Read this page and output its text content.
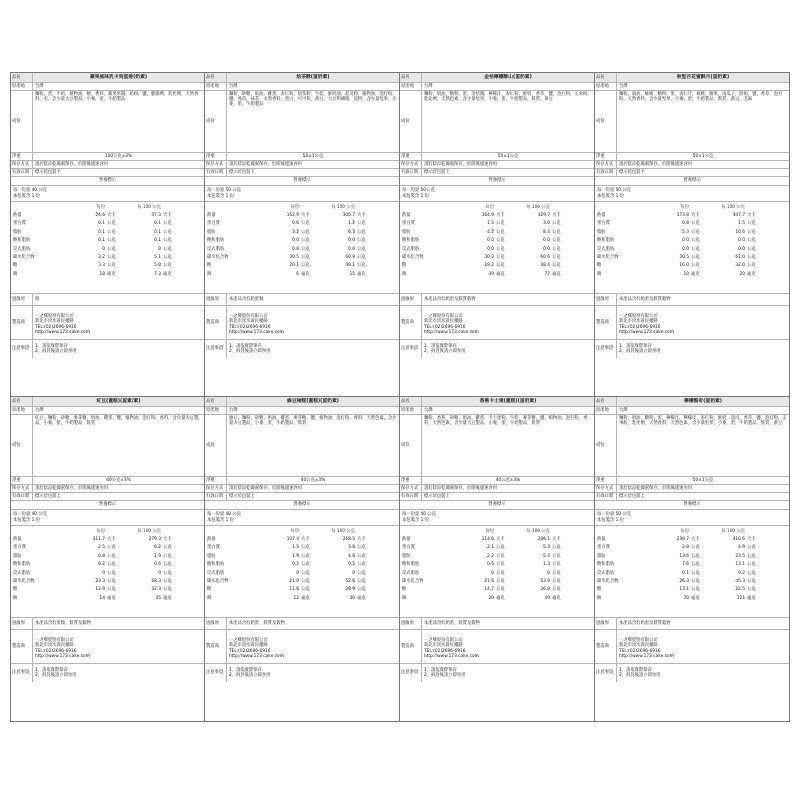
品名	蘋果風味乳卡狗蛋捲(奶素)
原產地	台灣
成份
麵粉，蛋，牛奶，植物油，糖，香料，蘋果果醬，奶粉，鹽，膨脹劑，乳化劑，天然香料，水，含少量大豆製品，小麥，蛋，牛奶製品
淨重	100公克±3%
保存方式	請於陰涼乾燥處保存，於開後儘速食用
有效日期	標示於包裝上
營養標示
每一份量 40 公克
本包裝含 1 份
每份	每 100 公克
熱量	24.6 大卡	37.3 大卡
蛋白質	0.1 公克	0.1 公克
脂肪	0.1 公克	0.1 公克
飽和脂肪	0.1 公克	0.1 公克
反式脂肪	0 公克	0 公克
碳水化合物	3.2 公克	5.1 公克
糖	3.3 公克	5.0 公克
鈉	18 毫克	7.3 毫克
過敏原	無
製造商
一之鄉股份有限公司
新北市淡水區民權路
TEL:(02)2696-6916
http://www.173.cake.com
注意事項
1、請依實際保存
2、拆封後請立即食用
品名	焙茶酥(蛋奶素)
原產地	台灣
成份
麵粉，砂糖，奶油，雞蛋，杏仁粉，焙茶粉，牛奶，鮮奶油，起司粉，植物油，泡打粉，鹽，香草，抹茶，天然香料，蛋白，可可粉，黃豆，大豆卵磷脂，淀粉，含少量堅果，小麥，蛋，牛奶製品
淨重	50±1公克
保存方式	請於陰涼乾燥處保存，於開後儘速食用
有效日期	標示於包裝上
營養標示
每一份量 50 公克
本包裝含 1 份
每份	每 100 公克
熱量	152.9 大卡	305.7 大卡
蛋白質	0.6 公克	1.2 公克
脂肪	3.2 公克	6.3 公克
飽和脂肪	0.0 公克	0.0 公克
反式脂肪	0.0 公克	0.0 公克
碳水化合物	30.5 公克	60.9 公克
糖	20.1 公克	40.1 公克
鈉	6 毫克	15 毫克
過敏原	本產品含有奶蛋類
製造商
一之鄉股份有限公司
新北市淡水區民權路
TEL:(02)2696-6916
http://www.173.cake.com
注意事項
1、請依實際保存
2、拆封後請立即食用
品名	金桔檸檬酥山(蛋奶素)
原產地	台灣
成份
麵粉，奶油，糖粉，蛋，金桔醬，檸檬汁，杏仁粉，鮮奶，香草，鹽，泡打粉，玉米粉，乳化劑，天然色素，含少量堅果，小麥，蛋，牛奶製品，麩質，黃豆
淨重	50±1公克
保存方式	請於陰涼乾燥處保存，於開後儘速食用
有效日期	標示於包裝上
營養標示
每一份量 50公克
本包裝含 1 份
每份	每 100 公克
熱量	164.9 大卡	329.7 大卡
蛋白質	1.5 公克	3.0 公克
脂肪	4.2 公克	8.4 公克
飽和脂肪	0.0 公克	0.0 公克
反式脂肪	0.0 公克	0.0 公克
碳水化合物	30.3 公克	60.6 公克
糖	19.2 公克	38.4 公克
鈉	39 毫克	77 毫克
過敏原	本產品含有奶蛋及麩質穀物
製造商
一之鄉股份有限公司
新北市淡水區民權路
TEL:(02)2696-6916
http://www.173.cake.com
注意事項
1、請依實際保存
2、拆封後請立即食用
品名	秋堅百花蜜酥月(蛋奶素)
原產地	台灣
成份
麵粉，奶油，蜂蜜，糖粉，蛋，杏仁片，核桃，腰果，南瓜子，鮮奶，鹽，香草，泡打粉，天然香料，含少量堅果，小麥，蛋，牛奶製品，麩質，黃豆，芝麻
淨重	50±1公克
保存方式	請於陰涼乾燥處保存，於開後儘速食用
有效日期	標示於包裝上
營養標示
每一份量 50 公克
本包裝含 1 份
每份	每 100 公克
熱量	173.8 大卡	347.7 大卡
蛋白質	0.8 公克	1.5 公克
脂肪	5.3 公克	10.6 公克
飽和脂肪	0.0 公克	0.0 公克
反式脂肪	0.0 公克	0.0 公克
碳水化合物	30.5 公克	61.0 公克
糖	16.0 公克	32.0 公克
鈉	10 毫克	20 毫克
過敏原	本產品含有奶蛋及麩質穀物
製造商
一之鄉股份有限公司
新北市淡水區民權路
TEL:(02)2696-6916
http://www.173.cake.com
注意事項
1、請依實際保存
2、拆封後請立即食用
品名	紅豆(蓋糕)(蛋素/素)
原產地	台灣
成份
紅豆，麵粉，砂糖，麥芽糖，奶油，雞蛋，鹽，植物油，泡打粉，香料，含少量大豆製品，小麥，蛋，牛奶製品，麩質
淨重	40公克±3%
保存方式	請於陰涼乾燥處保存，於開後儘速食用
有效日期	標示於包裝上
營養標示
每一份量 40 公克
本包裝含 1 份
每份	每 100 公克
熱量	111.7 大卡	279.3 大卡
蛋白質	2.5 公克	6.2 公克
脂肪	0.8 公克	1.9 公克
飽和脂肪	0.2 公克	0.6 公克
反式脂肪	0 公克	0 公克
碳水化合物	23.3 公克	58.3 公克
糖	12.9 公克	32.3 公克
鈉	14 毫克	35 毫克
過敏原	本產品含有蛋類，麩質及穀物
製造商
一之鄉股份有限公司
新北市淡水區民權路
TEL:(02)2696-6916
http://www.173.cake.com
注意事項
1、請依實際保存
2、拆封後請立即食用
品名	綠豆椪糕(蓋糕)(蛋奶素)
原產地	台灣
成份
綠豆，麵粉，砂糖，奶油，雞蛋，麥芽糖，鹽，植物油，泡打粉，香料，天然色素，含少量大豆製品，小麥，蛋，牛奶製品，麩質
淨重	40公克±3%
保存方式	請於陰涼乾燥處保存，於開後儘速食用
有效日期	標示於包裝上
營養標示
每一份量 40 公克
本包裝含 1 份
每份	每 100 公克
熱量	107.4 大卡	268.5 大卡
蛋白質	1.5 公克	3.8 公克
脂肪	1.9 公克	4.8 公克
飽和脂肪	0.2 公克	0.5 公克
反式脂肪	0 公克	0 公克
碳水化合物	21.0 公克	52.6 公克
糖	11.6 公克	28.9 公克
鈉	12 毫克	30 毫克
過敏原	本產品含有奶蛋，麩質及穀物
製造商
一之鄉股份有限公司
新北市淡水區民權路
TEL:(02)2696-6916
http://www.173.cake.com
注意事項
1、請依實際保存
2、拆封後請立即食用
品名	香蕉卡士達(蓋糕)(蛋奶素)
原產地	台灣
成份
麵粉，香蕉，砂糖，奶油，雞蛋，卡士達粉，牛奶，麥芽糖，鹽，植物油，泡打粉，香料，天然色素，含少量大豆製品，小麥，蛋，牛奶製品，麩質
淨重	40公克±3%
保存方式	請於陰涼乾燥處保存，於開後儘速食用
有效日期	標示於包裝上
營養標示
每一份量 40 公克
本包裝含 1 份
每份	每 100 公克
熱量	114.6 大卡	286.1 大卡
蛋白質	2.1 公克	5.3 公克
脂肪	2.2 公克	5.4 公克
飽和脂肪	0.5 公克	1.3 公克
反式脂肪	0 公克	0 公克
碳水化合物	21.6 公克	53.9 公克
糖	14.7 公克	36.8 公克
鈉	20 毫克	49 毫克
過敏原	本產品含有奶蛋，麩質及穀物
製造商
一之鄉股份有限公司
新北市淡水區民權路
TEL:(02)2696-6916
http://www.173.cake.com
注意事項
1、請依實際保存
2、拆封後請立即食用
品名	檸檬酪奇(蛋奶素)
原產地	台灣
成份
麵粉，奶油，糖粉，蛋，檸檬汁，檸檬皮，杏仁粉，鮮奶，起司，香草，鹽，泡打粉，玉米粉，乳化劑，天然香料，天然色素，含少量堅果，小麥，蛋，牛奶製品，麩質，黃豆
淨重	50±1公克
保存方式	請於陰涼乾燥處保存，於開後儘速食用
有效日期	標示於包裝上
營養標示
每一份量 50 公克
本包裝含 1 份
每份	每 100 公克
熱量	238.7 大卡	416.6 大卡
蛋白質	2.8 公克	4.9 公克
脂肪	13.6 公克	23.5 公克
飽和脂肪	7.6 公克	13.1 公克
反式脂肪	0.1 公克	0.2 公克
碳水化合物	26.3 公克	45.3 公克
糖	13.1 公克	22.5 公克
鈉	70 毫克	121 毫克
過敏原	本產品含有奶蛋及麩質穀物
製造商
一之鄉股份有限公司
新北市淡水區民權路
TEL:(02)2696-6916
http://www.173.cake.com
注意事項
1、請依實際保存
2、拆封後請立即食用
